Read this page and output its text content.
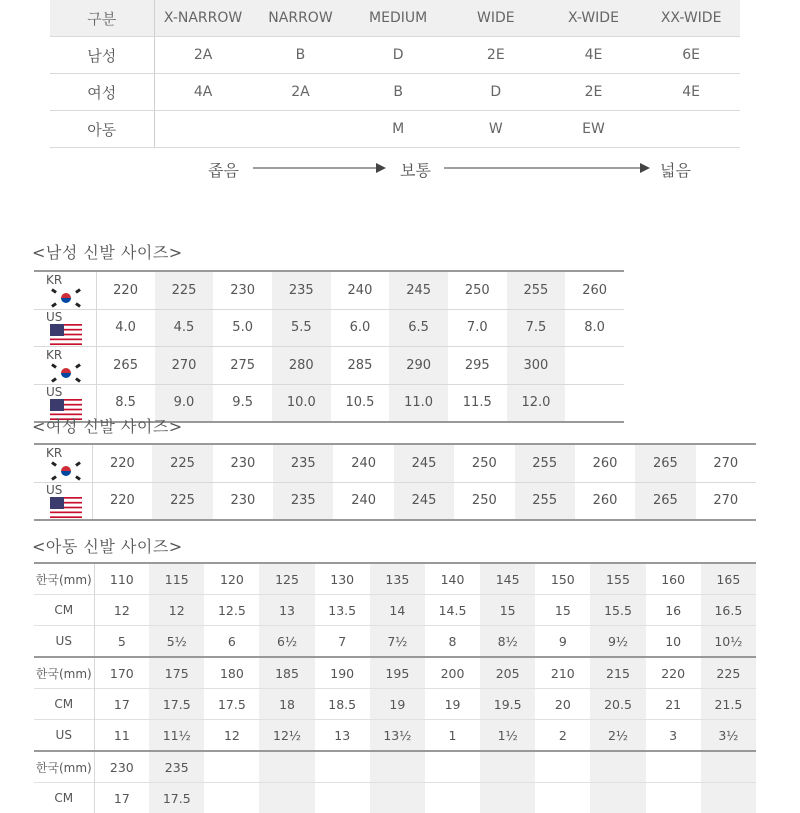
구분	X-NARROW	NARROW	MEDIUM	WIDE	X-WIDE	XX-WIDE
남성	2A	B	D	2E	4E	6E
여성	4A	2A	B	D	2E	4E
아동			M	W	EW	
좁음	보통	넓음
<남성 신발 사이즈>
KR	220	225	230	235	240	245	250	255	260
US	4.0	4.5	5.0	5.5	6.0	6.5	7.0	7.5	8.0
KR	265	270	275	280	285	290	295	300	
US	8.5	9.0	9.5	10.0	10.5	11.0	11.5	12.0	
<여성 신발 사이즈>
KR	220	225	230	235	240	245	250	255	260	265	270
US	220	225	230	235	240	245	250	255	260	265	270
<아동 신발 사이즈>
한국(mm)	110	115	120	125	130	135	140	145	150	155	160	165
CM	12	12	12.5	13	13.5	14	14.5	15	15	15.5	16	16.5
US	5	5½	6	6½	7	7½	8	8½	9	9½	10	10½
한국(mm)	170	175	180	185	190	195	200	205	210	215	220	225
CM	17	17.5	17.5	18	18.5	19	19	19.5	20	20.5	21	21.5
US	11	11½	12	12½	13	13½	1	1½	2	2½	3	3½
한국(mm)	230	235										
CM	17	17.5										
